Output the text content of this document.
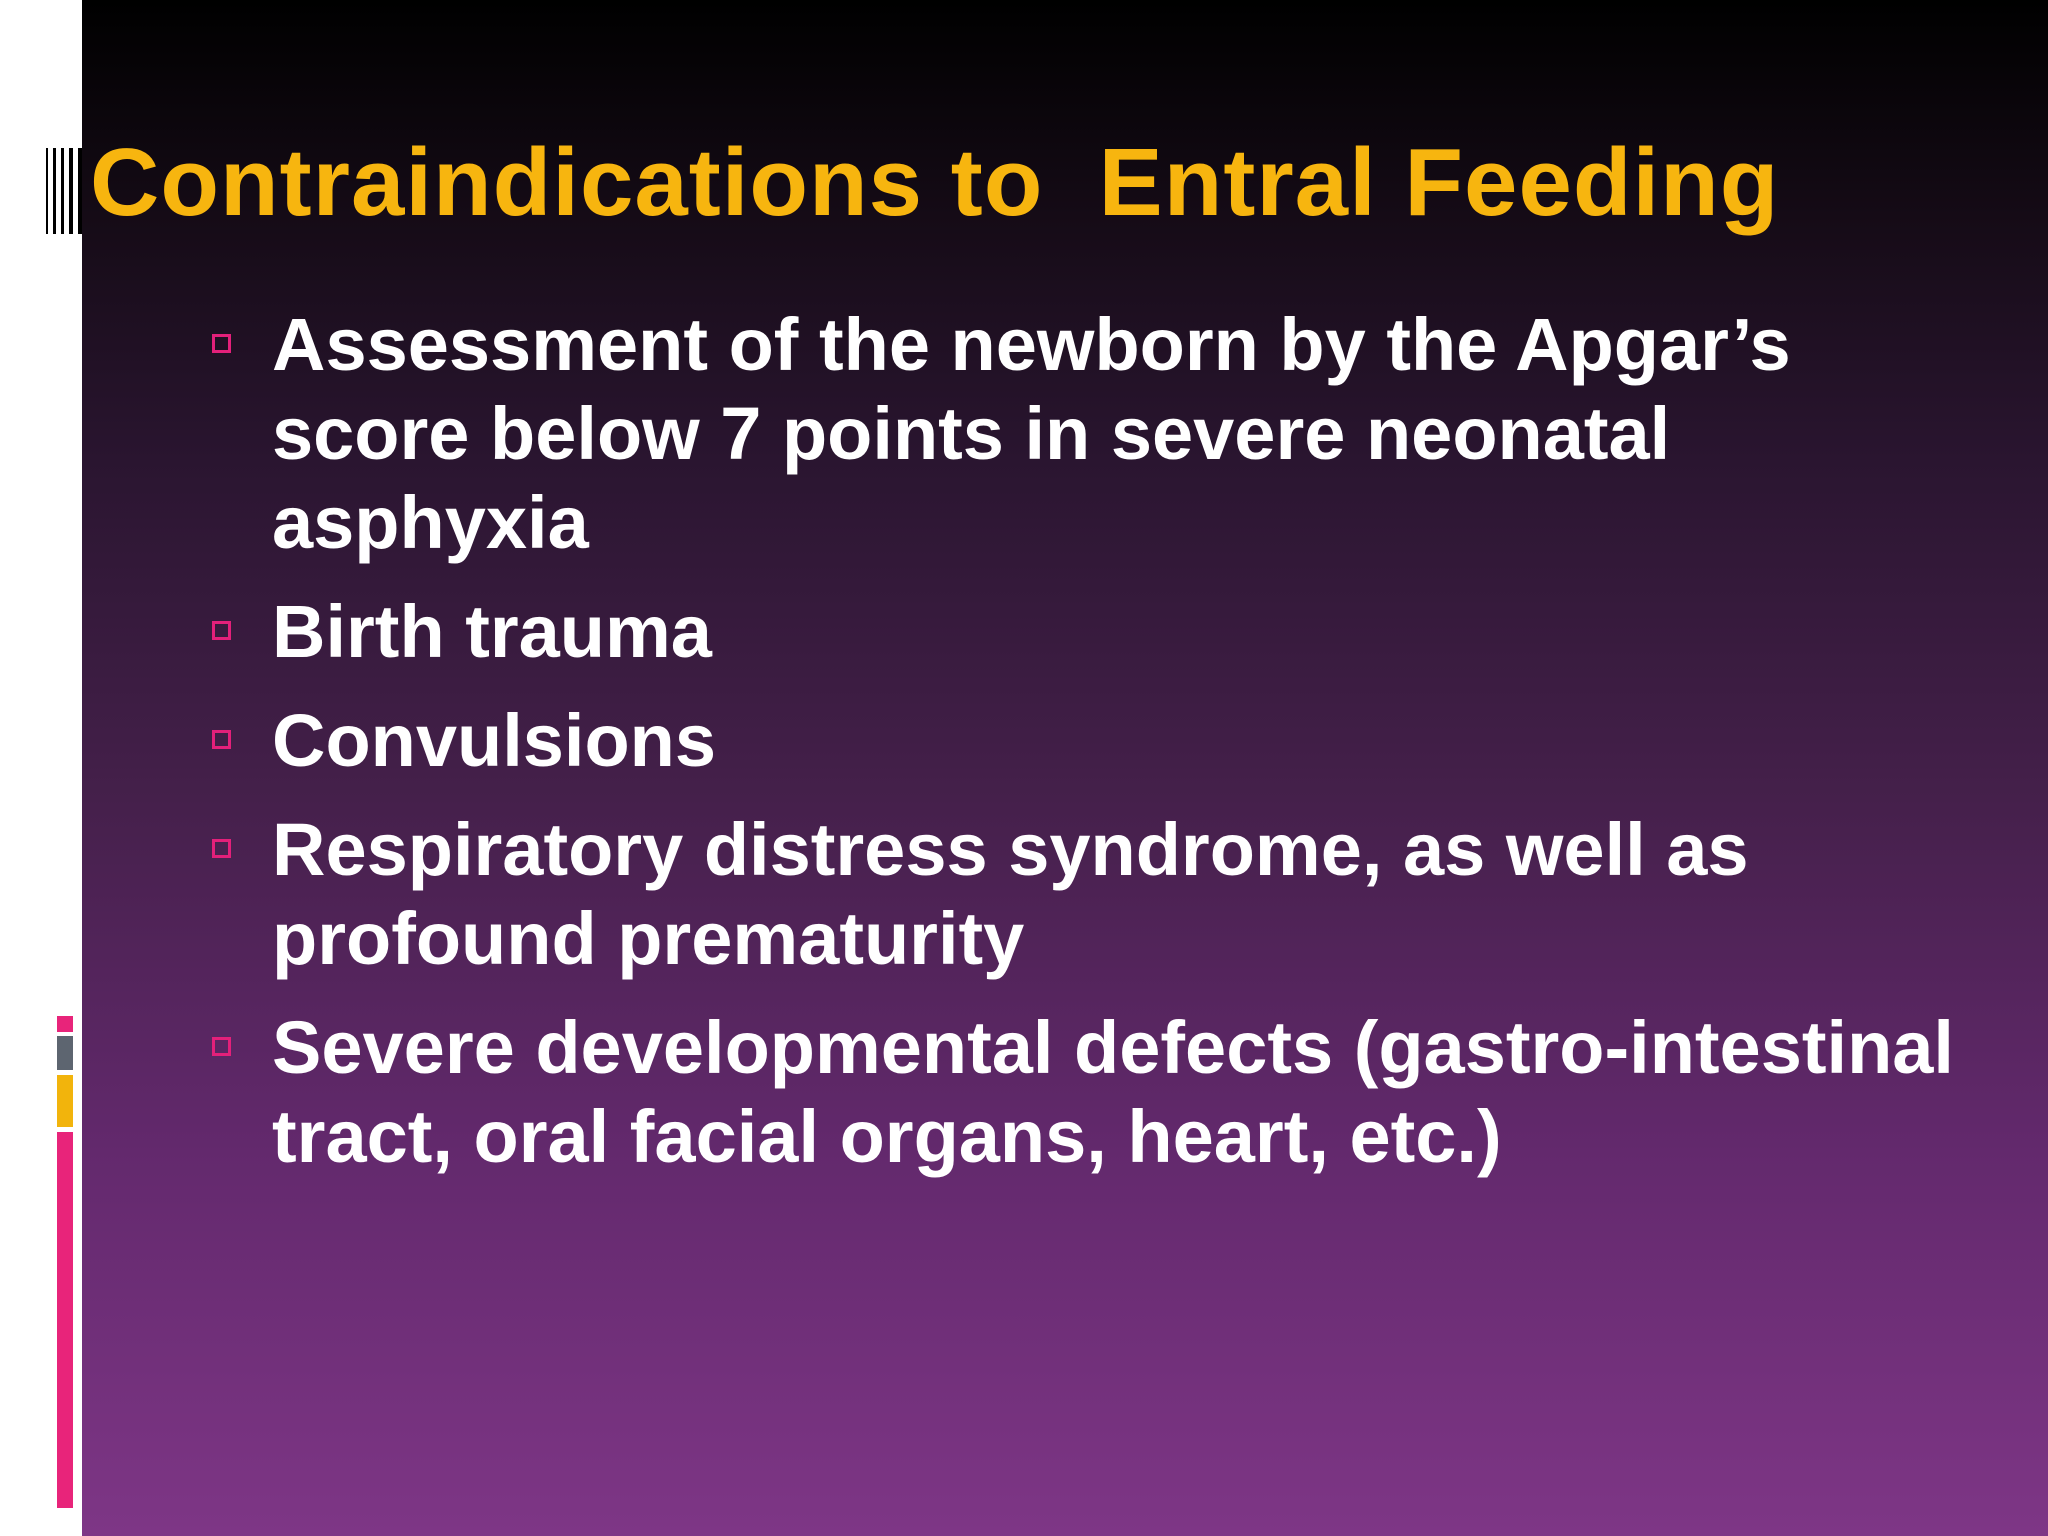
Contraindications to  Entral Feeding
Assessment of the newborn by the Apgar’s score below 7 points in severe neonatal asphyxia
Birth trauma
Convulsions
Respiratory distress syndrome, as well as profound prematurity
Severe developmental defects (gastro-intestinal tract, oral facial organs, heart, etc.)
